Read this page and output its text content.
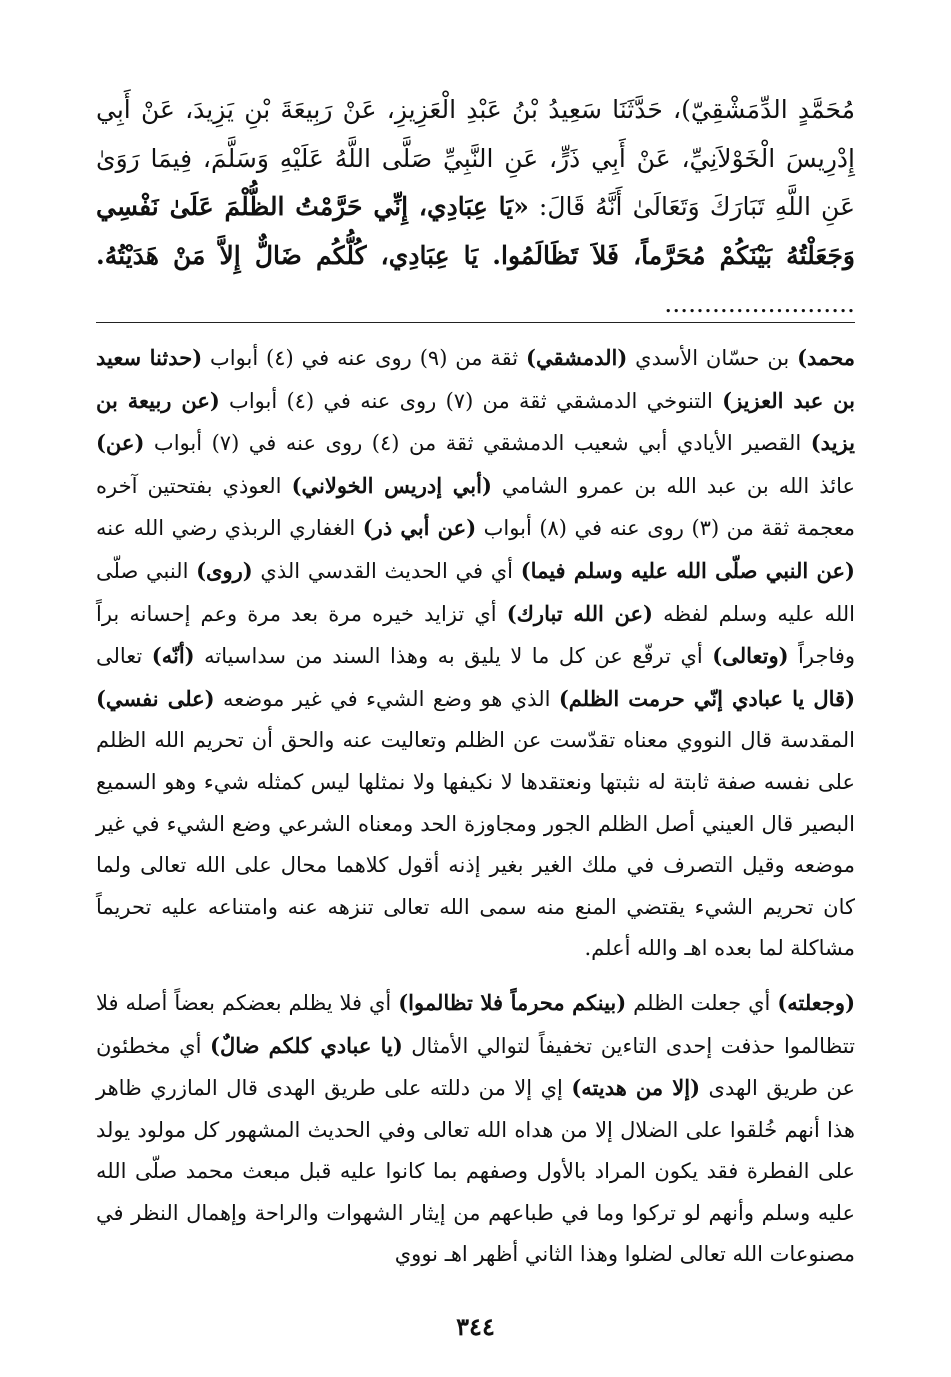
مُحَمَّدٍ الدِّمَشْقِيّ)، حَدَّثَنَا سَعِيدُ بْنُ عَبْدِ الْعَزِيزِ، عَنْ رَبِيعَةَ بْنِ يَزِيدَ، عَنْ أَبِي إِدْرِيسَ الْخَوْلاَنِيِّ، عَنْ أَبِي ذَرٍّ، عَنِ النَّبِيِّ صَلَّى اللَّهُ عَلَيْهِ وَسَلَّمَ، فِيمَا رَوَىٰ عَنِ اللَّهِ تَبَارَكَ وَتَعَالَىٰ أَنَّهُ قَالَ: «يَا عِبَادِي، إِنِّي حَرَّمْتُ الظُّلْمَ عَلَىٰ نَفْسِي وَجَعَلْتُهُ بَيْنَكُمْ مُحَرَّماً، فَلاَ تَظَالَمُوا. يَا عِبَادِي، كُلُّكُم ضَالٌّ إِلاَّ مَنْ هَدَيْتُهُ. ........................

محمد) بن حسّان الأسدي (الدمشقي) ثقة من (٩) روى عنه في (٤) أبواب (حدثنا سعيد بن عبد العزيز) التنوخي الدمشقي ثقة من (٧) روى عنه في (٤) أبواب (عن ربيعة بن يزيد) القصير الأيادي أبي شعيب الدمشقي ثقة من (٤) روى عنه في (٧) أبواب (عن) عائذ الله بن عبد الله بن عمرو الشامي (أبي إدريس الخولاني) العوذي بفتحتين آخره معجمة ثقة من (٣) روى عنه في (٨) أبواب (عن أبي ذر) الغفاري الربذي رضي الله عنه (عن النبي صلّى الله عليه وسلم فيما) أي في الحديث القدسي الذي (روى) النبي صلّى الله عليه وسلم لفظه (عن الله تبارك) أي تزايد خيره مرة بعد مرة وعم إحسانه براً وفاجراً (وتعالى) أي ترفّع عن كل ما لا يليق به وهذا السند من سداسياته (أنّه) تعالى (قال يا عبادي إنّي حرمت الظلم) الذي هو وضع الشيء في غير موضعه (على نفسي) المقدسة قال النووي معناه تقدّست عن الظلم وتعاليت عنه والحق أن تحريم الله الظلم على نفسه صفة ثابتة له نثبتها ونعتقدها لا نكيفها ولا نمثلها ليس كمثله شيء وهو السميع البصير قال العيني أصل الظلم الجور ومجاوزة الحد ومعناه الشرعي وضع الشيء في غير موضعه وقيل التصرف في ملك الغير بغير إذنه أقول كلاهما محال على الله تعالى ولما كان تحريم الشيء يقتضي المنع منه سمى الله تعالى تنزهه عنه وامتناعه عليه تحريماً مشاكلة لما بعده اهـ والله أعلم.

(وجعلته) أي جعلت الظلم (بينكم محرماً فلا تظالموا) أي فلا يظلم بعضكم بعضاً أصله فلا تتظالموا حذفت إحدى التاءين تخفيفاً لتوالي الأمثال (يا عبادي كلكم ضالٌ) أي مخطئون عن طريق الهدى (إلا من هديته) إي إلا من دللته على طريق الهدى قال المازري ظاهر هذا أنهم خُلقوا على الضلال إلا من هداه الله تعالى وفي الحديث المشهور كل مولود يولد على الفطرة فقد يكون المراد بالأول وصفهم بما كانوا عليه قبل مبعث محمد صلّى الله عليه وسلم وأنهم لو تركوا وما في طباعهم من إيثار الشهوات والراحة وإهمال النظر في مصنوعات الله تعالى لضلوا وهذا الثاني أظهر اهـ نووي

٣٤٤
